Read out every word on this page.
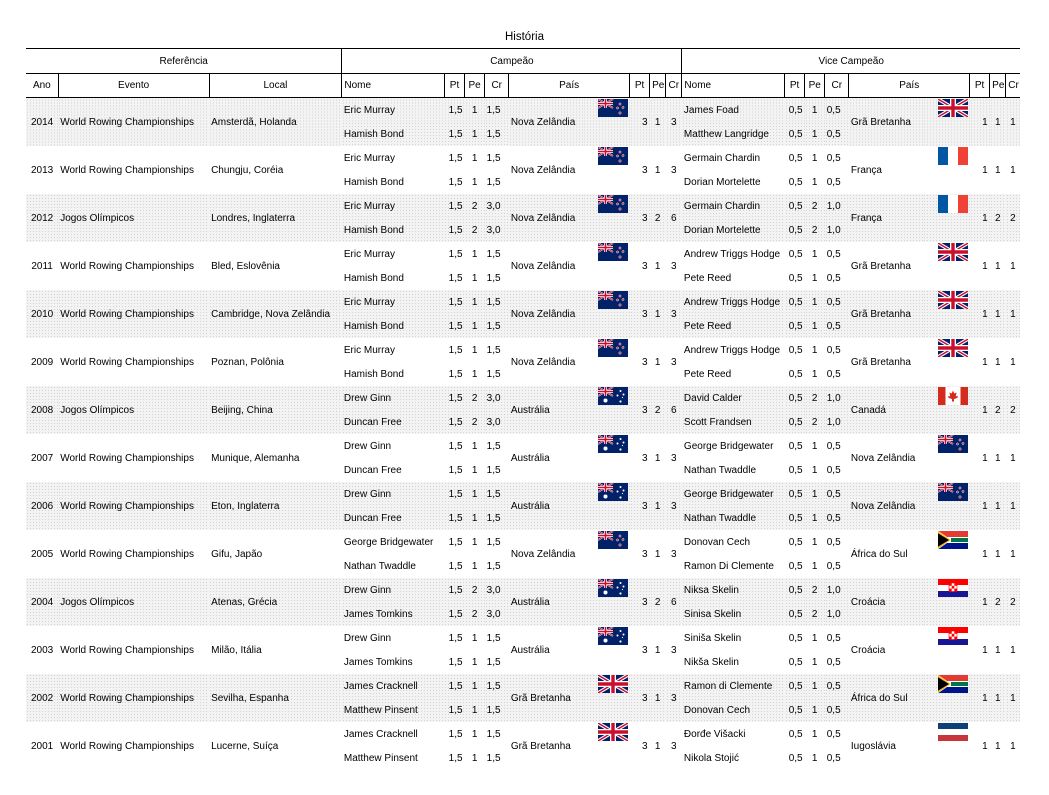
História
Referência			Campeão									Vice Campeão								
Ano	Evento	Local	Nome	Pt	Pe	Cr	País		Pt	Pe	Cr	Nome	Pt	Pe	Cr	País		Pt	Pe	Cr
2014	World Rowing Championships	Amsterdã, Holanda	Eric Murray	1,5	1	1,5	Nova Zelândia		3	1	3	James Foad	0,5	1	0,5	Grã Bretanha		1	1	1
			Hamish Bond	1,5	1	1,5						Matthew Langridge	0,5	1	0,5					
2013	World Rowing Championships	Chungju, Coréia	Eric Murray	1,5	1	1,5	Nova Zelândia		3	1	3	Germain Chardin	0,5	1	0,5	França		1	1	1
			Hamish Bond	1,5	1	1,5						Dorian Mortelette	0,5	1	0,5					
2012	Jogos Olímpicos	Londres, Inglaterra	Eric Murray	1,5	2	3,0	Nova Zelândia		3	2	6	Germain Chardin	0,5	2	1,0	França		1	2	2
			Hamish Bond	1,5	2	3,0						Dorian Mortelette	0,5	2	1,0					
2011	World Rowing Championships	Bled, Eslovênia	Eric Murray	1,5	1	1,5	Nova Zelândia		3	1	3	Andrew Triggs Hodge	0,5	1	0,5	Grã Bretanha		1	1	1
			Hamish Bond	1,5	1	1,5						Pete Reed	0,5	1	0,5					
2010	World Rowing Championships	Cambridge, Nova Zelândia	Eric Murray	1,5	1	1,5	Nova Zelândia		3	1	3	Andrew Triggs Hodge	0,5	1	0,5	Grã Bretanha		1	1	1
			Hamish Bond	1,5	1	1,5						Pete Reed	0,5	1	0,5					
2009	World Rowing Championships	Poznan, Polônia	Eric Murray	1,5	1	1,5	Nova Zelândia		3	1	3	Andrew Triggs Hodge	0,5	1	0,5	Grã Bretanha		1	1	1
			Hamish Bond	1,5	1	1,5						Pete Reed	0,5	1	0,5					
2008	Jogos Olímpicos	Beijing, China	Drew Ginn	1,5	2	3,0	Austrália		3	2	6	David Calder	0,5	2	1,0	Canadá		1	2	2
			Duncan Free	1,5	2	3,0						Scott Frandsen	0,5	2	1,0					
2007	World Rowing Championships	Munique, Alemanha	Drew Ginn	1,5	1	1,5	Austrália		3	1	3	George Bridgewater	0,5	1	0,5	Nova Zelândia		1	1	1
			Duncan Free	1,5	1	1,5						Nathan Twaddle	0,5	1	0,5					
2006	World Rowing Championships	Eton, Inglaterra	Drew Ginn	1,5	1	1,5	Austrália		3	1	3	George Bridgewater	0,5	1	0,5	Nova Zelândia		1	1	1
			Duncan Free	1,5	1	1,5						Nathan Twaddle	0,5	1	0,5					
2005	World Rowing Championships	Gifu, Japão	George Bridgewater	1,5	1	1,5	Nova Zelândia		3	1	3	Donovan Cech	0,5	1	0,5	África do Sul		1	1	1
			Nathan Twaddle	1,5	1	1,5						Ramon Di Clemente	0,5	1	0,5					
2004	Jogos Olímpicos	Atenas, Grécia	Drew Ginn	1,5	2	3,0	Austrália		3	2	6	Niksa Skelin	0,5	2	1,0	Croácia		1	2	2
			James Tomkins	1,5	2	3,0						Sinisa Skelin	0,5	2	1,0					
2003	World Rowing Championships	Milão, Itália	Drew Ginn	1,5	1	1,5	Austrália		3	1	3	Siniša Skelin	0,5	1	0,5	Croácia		1	1	1
			James Tomkins	1,5	1	1,5						Nikša Skelin	0,5	1	0,5					
2002	World Rowing Championships	Sevilha, Espanha	James Cracknell	1,5	1	1,5	Grã Bretanha		3	1	3	Ramon di Clemente	0,5	1	0,5	África do Sul		1	1	1
			Matthew Pinsent	1,5	1	1,5						Donovan Cech	0,5	1	0,5					
2001	World Rowing Championships	Lucerne, Suíça	James Cracknell	1,5	1	1,5	Grã Bretanha		3	1	3	Đorđe Višacki	0,5	1	0,5	Iugoslávia		1	1	1
			Matthew Pinsent	1,5	1	1,5						Nikola Stojić	0,5	1	0,5					
